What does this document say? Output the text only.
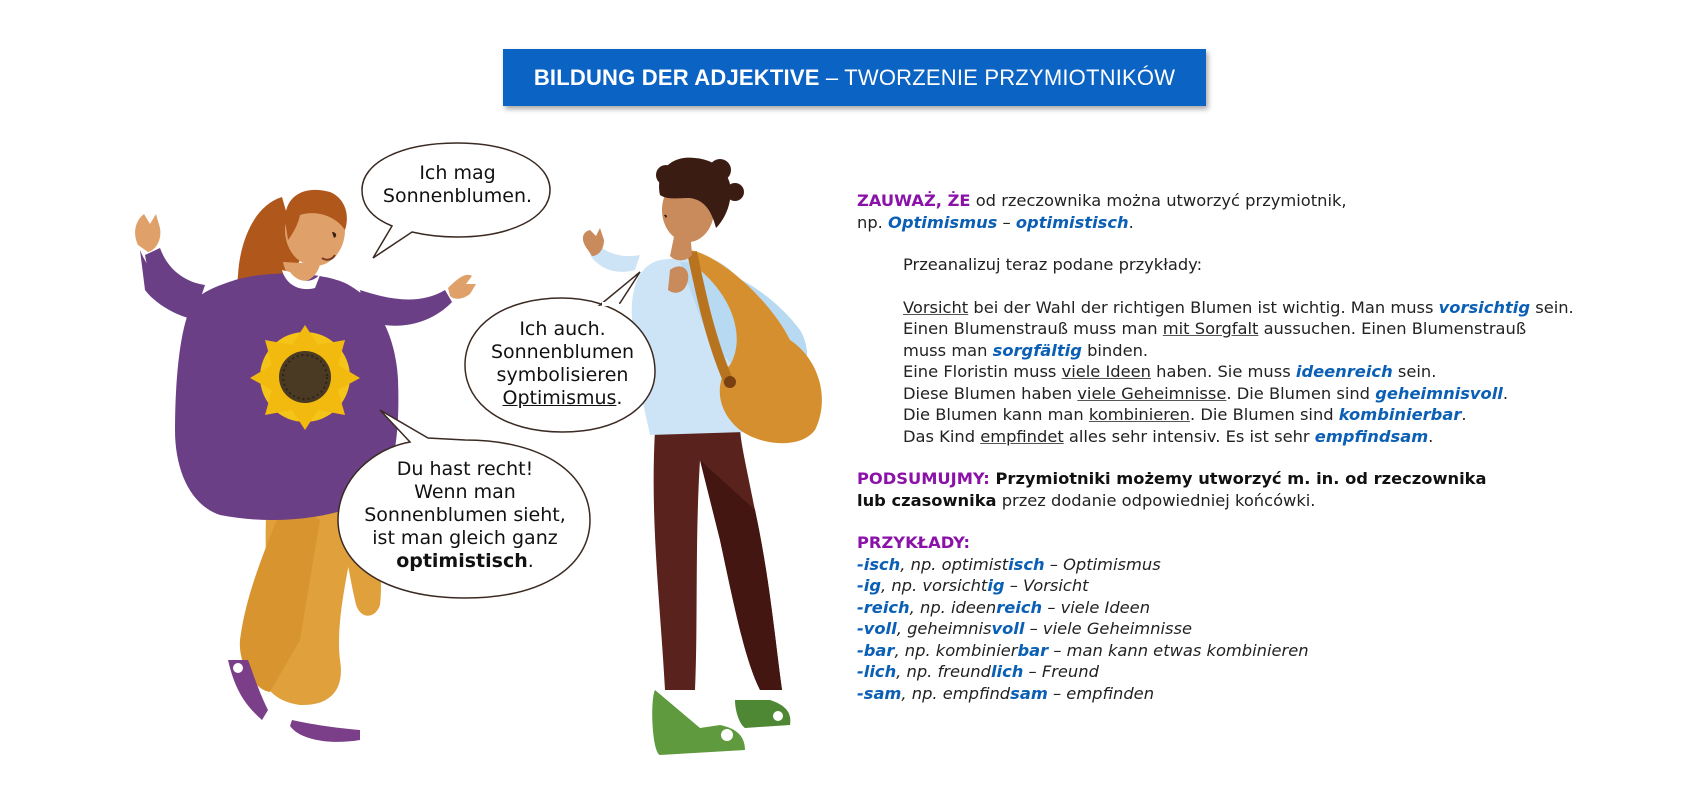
BILDUNG DER ADJEKTIVE – TWORZENIE PRZYMIOTNIKÓW
Ich mag
Sonnenblumen.
Ich auch.
Sonnenblumen
symbolisieren
Optimismus.
Du hast recht!
Wenn man
Sonnenblumen sieht,
ist man gleich ganz
optimistisch.

ZAUWAŻ, ŻE od rzeczownika można utworzyć przymiotnik,

np. Optimismus – optimistisch.

Przeanalizuj teraz podane przykłady:

Vorsicht bei der Wahl der richtigen Blumen ist wichtig. Man muss vorsichtig sein.

Einen Blumenstrauß muss man mit Sorgfalt aussuchen. Einen Blumenstrauß

muss man sorgfältig binden.

Eine Floristin muss viele Ideen haben. Sie muss ideenreich sein.

Diese Blumen haben viele Geheimnisse. Die Blumen sind geheimnisvoll.

Die Blumen kann man kombinieren. Die Blumen sind kombinierbar.

Das Kind empfindet alles sehr intensiv. Es ist sehr empfindsam.

PODSUMUJMY: Przymiotniki możemy utworzyć m. in. od rzeczownika

lub czasownika przez dodanie odpowiedniej końcówki.

PRZYKŁADY:

-isch, np. optimistisch – Optimismus

-ig, np. vorsichtig – Vorsicht

-reich, np. ideenreich – viele Ideen

-voll, geheimnisvoll – viele Geheimnisse

-bar, np. kombinierbar – man kann etwas kombinieren

-lich, np. freundlich – Freund

-sam, np. empfindsam – empfinden
